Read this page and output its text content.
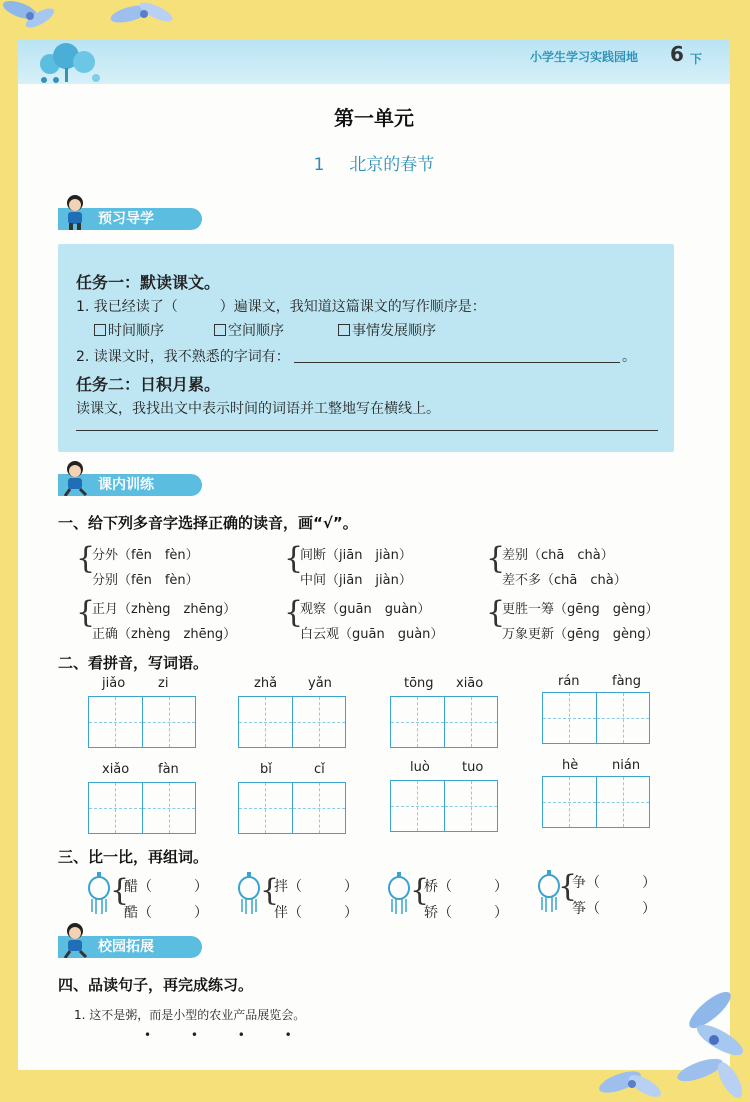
小学生学习实践园地 6 下
第一单元
1 北京的春节
预习导学
任务一：默读课文。
1. 我已经读了（　　　）遍课文，我知道这篇课文的写作顺序是：
时间顺序	空间顺序	事情发展顺序
2. 读课文时，我不熟悉的字词有：	。
任务二：日积月累。
读课文，我找出文中表示时间的词语并工整地写在横线上。
课内训练
一、给下列多音字选择正确的读音，画“√”。
{
分外（fēn　fèn）
分别（fēn　fèn）
{
间断（jiān　jiàn）
中间（jiān　jiàn）
{
差别（chā　chà）
差不多（chā　chà）
{
正月（zhèng　zhēng）
正确（zhèng　zhēng）
{
观察（guān　guàn）
白云观（guān　guàn）
{
更胜一筹（gēng　gèng）
万象更新（gēng　gèng）
二、看拼音，写词语。
jiǎo	zi	zhǎ yǎn	tōng xiāo	rán fàng
xiǎo fàn	bǐ	cǐ	luò tuo	hè	nián
三、比一比，再组词。
{
醋（　　　）
酷（　　　）
{
拌（　　　）
伴（　　　）
{
桥（　　　）
轿（　　　）
{
争（　　　）
筝（　　　）
校园拓展
四、品读句子，再完成练习。
1. 这不是粥，而是小型的农业产品展览会。
• • • •
